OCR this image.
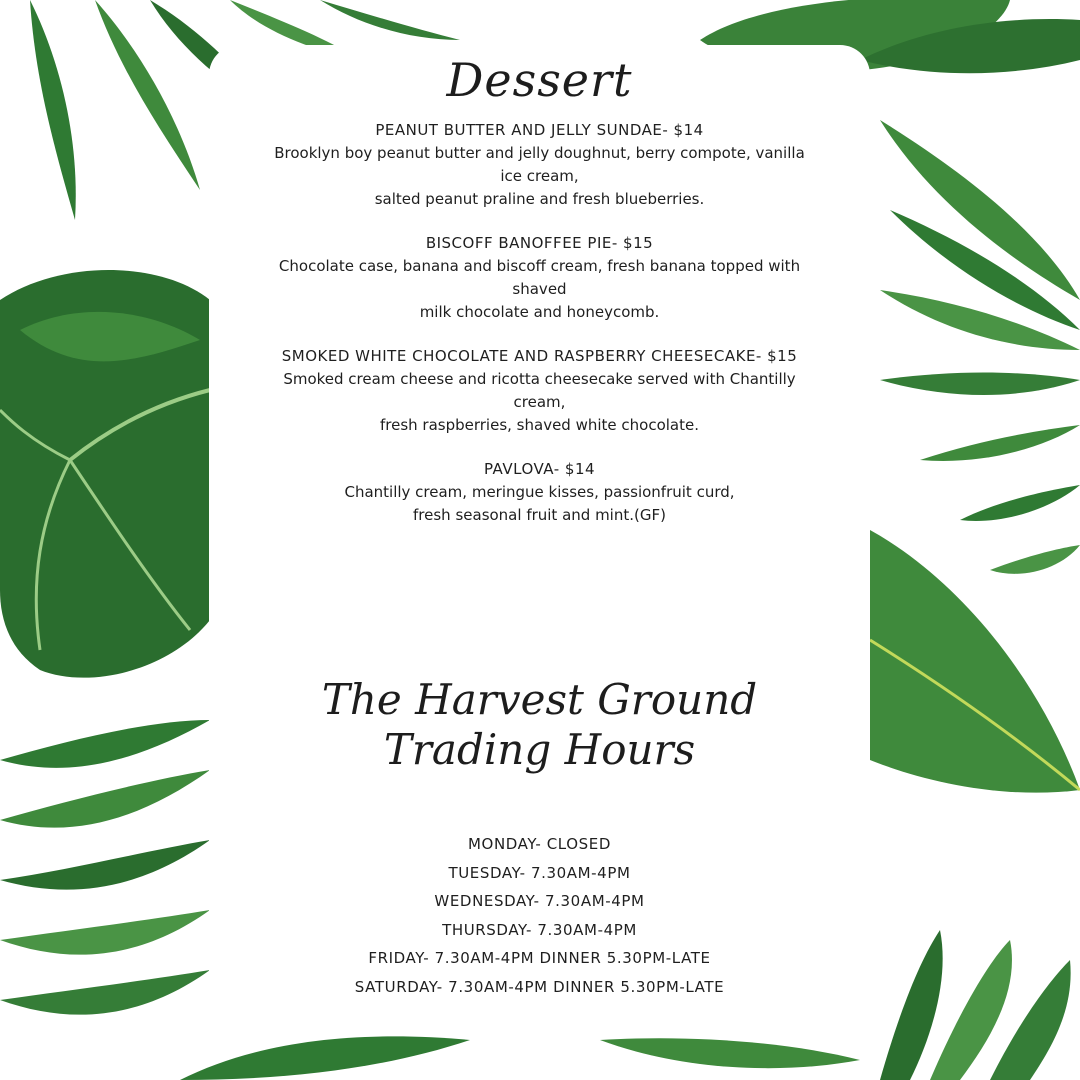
Dessert
PEANUT BUTTER AND JELLY SUNDAE- $14
Brooklyn boy peanut butter and jelly doughnut, berry compote, vanilla
ice cream,
salted peanut praline and fresh blueberries.
BISCOFF BANOFFEE PIE- $15
Chocolate case, banana and biscoff cream, fresh banana topped with
shaved
milk chocolate and honeycomb.
SMOKED WHITE CHOCOLATE AND RASPBERRY CHEESECAKE- $15
Smoked cream cheese and ricotta cheesecake served with Chantilly
cream,
fresh raspberries, shaved white chocolate.
PAVLOVA- $14
Chantilly cream, meringue kisses, passionfruit curd,
fresh seasonal fruit and mint.(GF)
The Harvest Ground
Trading Hours
MONDAY- CLOSED
TUESDAY- 7.30AM-4PM
WEDNESDAY- 7.30AM-4PM
THURSDAY- 7.30AM-4PM
FRIDAY- 7.30AM-4PM DINNER 5.30PM-LATE
SATURDAY- 7.30AM-4PM DINNER 5.30PM-LATE
